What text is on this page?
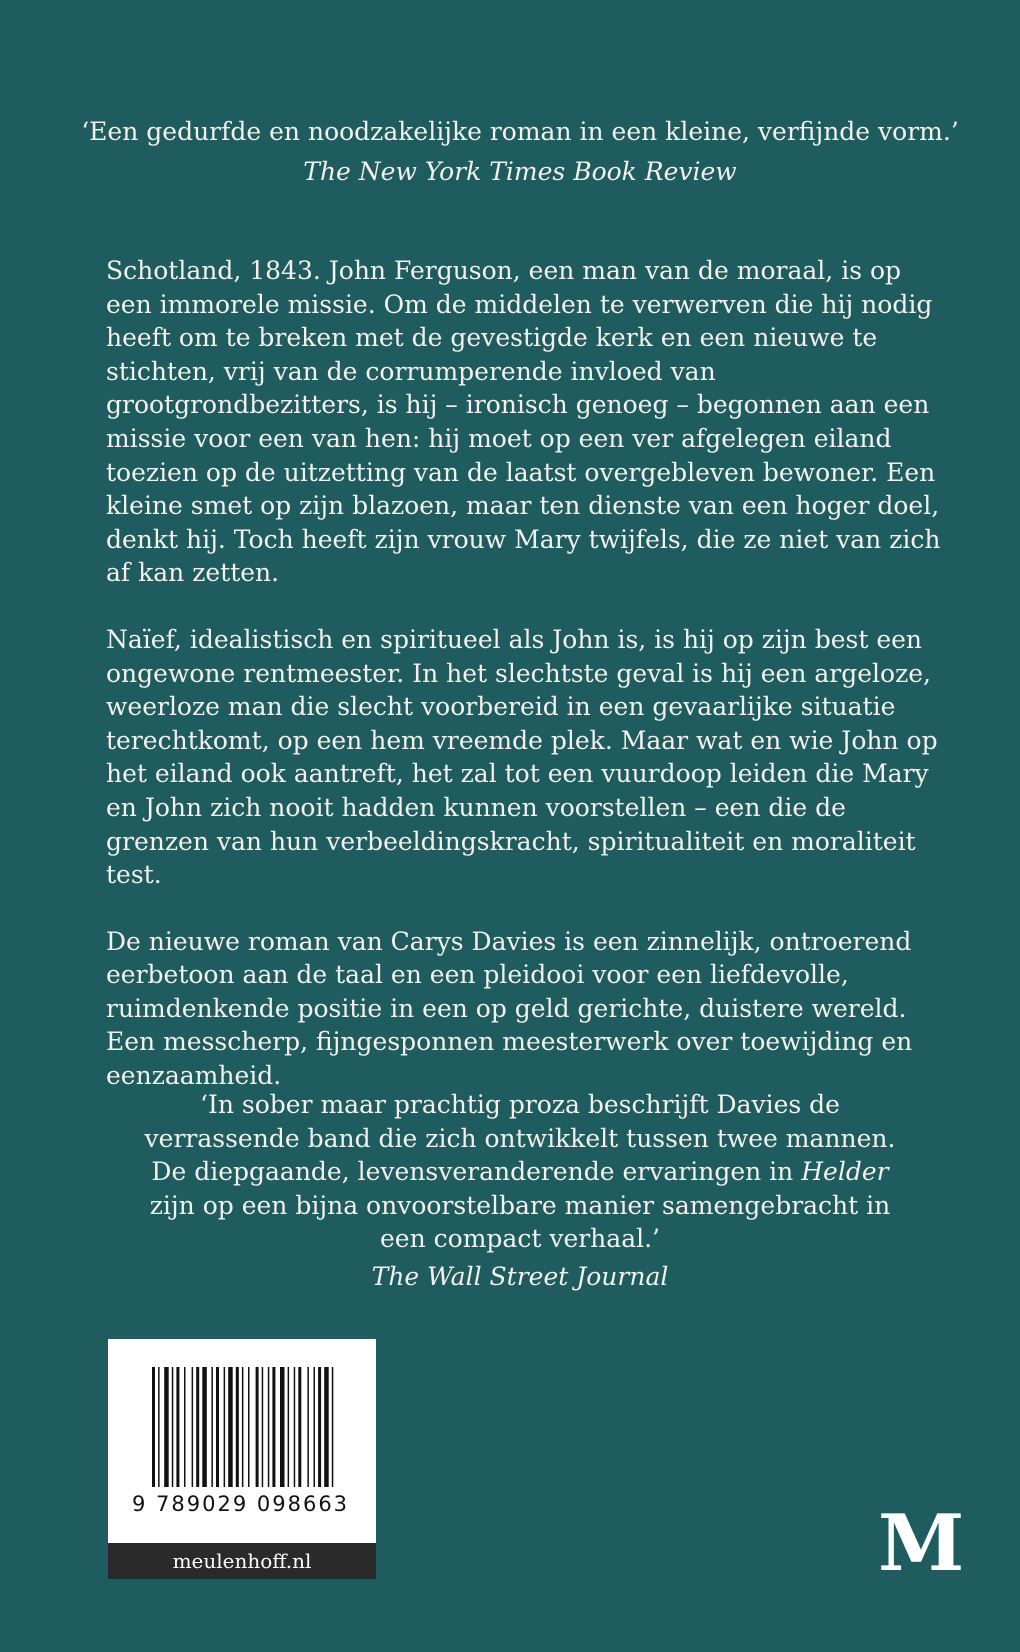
‘Een gedurfde en noodzakelijke roman in een kleine, verfijnde vorm.’
The New York Times Book Review

Schotland, 1843. John Ferguson, een man van de moraal, is op een immorele missie. Om de middelen te verwerven die hij nodig heeft om te breken met de gevestigde kerk en een nieuwe te stichten, vrij van de corrumperende invloed van grootgrondbezitters, is hij – ironisch genoeg – begonnen aan een missie voor een van hen: hij moet op een ver afgelegen eiland toezien op de uitzetting van de laatst overgebleven bewoner. Een kleine smet op zijn blazoen, maar ten dienste van een hoger doel, denkt hij. Toch heeft zijn vrouw Mary twijfels, die ze niet van zich af kan zetten.

Naïef, idealistisch en spiritueel als John is, is hij op zijn best een ongewone rentmeester. In het slechtste geval is hij een argeloze, weerloze man die slecht voorbereid in een gevaarlijke situatie terechtkomt, op een hem vreemde plek. Maar wat en wie John op het eiland ook aantreft, het zal tot een vuurdoop leiden die Mary en John zich nooit hadden kunnen voorstellen – een die de grenzen van hun verbeeldingskracht, spiritualiteit en moraliteit test.

De nieuwe roman van Carys Davies is een zinnelijk, ontroerend eerbetoon aan de taal en een pleidooi voor een liefdevolle, ruimdenkende positie in een op geld gerichte, duistere wereld. Een messcherp, fijngesponnen meesterwerk over toewijding en eenzaamheid.

‘In sober maar prachtig proza beschrijft Davies de verrassende band die zich ontwikkelt tussen twee mannen. De diepgaande, levensveranderende ervaringen in Helder zijn op een bijna onvoorstelbare manier samengebracht in een compact verhaal.’
The Wall Street Journal
9 789029 098663
meulenhoff.nl	M
